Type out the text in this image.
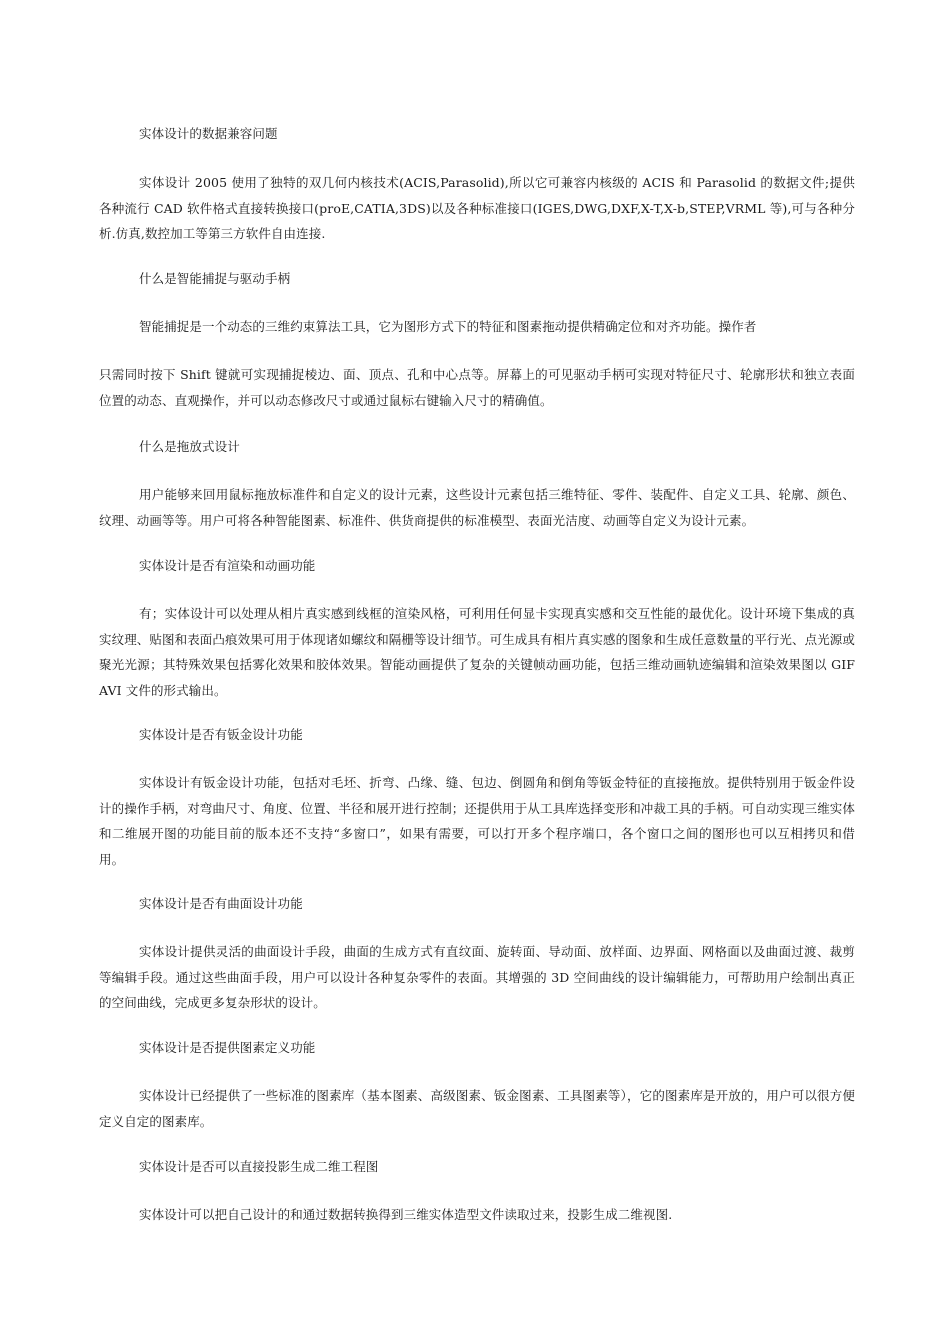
实体设计的数据兼容问题

实体设计 2005 使用了独特的双几何内核技术(ACIS,Parasolid),所以它可兼容内核级的 ACIS 和 Parasolid 的数据文件;提供各种流行 CAD 软件格式直接转换接口(proE,CATIA,3DS)以及各种标准接口(IGES,DWG,DXF,X-T,X-b,STEP,VRML 等),可与各种分析.仿真,数控加工等第三方软件自由连接.

什么是智能捕捉与驱动手柄

智能捕捉是一个动态的三维约束算法工具，它为图形方式下的特征和图素拖动提供精确定位和对齐功能。操作者

只需同时按下 Shift 键就可实现捕捉棱边、面、顶点、孔和中心点等。屏幕上的可见驱动手柄可实现对特征尺寸、轮廓形状和独立表面位置的动态、直观操作，并可以动态修改尺寸或通过鼠标右键输入尺寸的精确值。

什么是拖放式设计

用户能够来回用鼠标拖放标准件和自定义的设计元素，这些设计元素包括三维特征、零件、装配件、自定义工具、轮廓、颜色、纹理、动画等等。用户可将各种智能图素、标准件、供货商提供的标准模型、表面光洁度、动画等自定义为设计元素。

实体设计是否有渲染和动画功能

有；实体设计可以处理从相片真实感到线框的渲染风格，可利用任何显卡实现真实感和交互性能的最优化。设计环境下集成的真实纹理、贴图和表面凸痕效果可用于体现诸如螺纹和隔栅等设计细节。可生成具有相片真实感的图象和生成任意数量的平行光、点光源或聚光光源；其特殊效果包括雾化效果和胶体效果。智能动画提供了复杂的关键帧动画功能，包括三维动画轨迹编辑和渲染效果图以 GIF AVI 文件的形式输出。

实体设计是否有钣金设计功能

实体设计有钣金设计功能，包括对毛坯、折弯、凸缘、缝、包边、倒圆角和倒角等钣金特征的直接拖放。提供特别用于钣金件设计的操作手柄，对弯曲尺寸、角度、位置、半径和展开进行控制；还提供用于从工具库选择变形和冲裁工具的手柄。可自动实现三维实体和二维展开图的功能目前的版本还不支持“多窗口”，如果有需要，可以打开多个程序端口，各个窗口之间的图形也可以互相拷贝和借用。

实体设计是否有曲面设计功能

实体设计提供灵活的曲面设计手段，曲面的生成方式有直纹面、旋转面、导动面、放样面、边界面、网格面以及曲面过渡、裁剪等编辑手段。通过这些曲面手段，用户可以设计各种复杂零件的表面。其增强的 3D 空间曲线的设计编辑能力，可帮助用户绘制出真正的空间曲线，完成更多复杂形状的设计。

实体设计是否提供图素定义功能

实体设计已经提供了一些标准的图素库（基本图素、高级图素、钣金图素、工具图素等），它的图素库是开放的，用户可以很方便定义自定的图素库。

实体设计是否可以直接投影生成二维工程图

实体设计可以把自己设计的和通过数据转换得到三维实体造型文件读取过来，投影生成二维视图.
